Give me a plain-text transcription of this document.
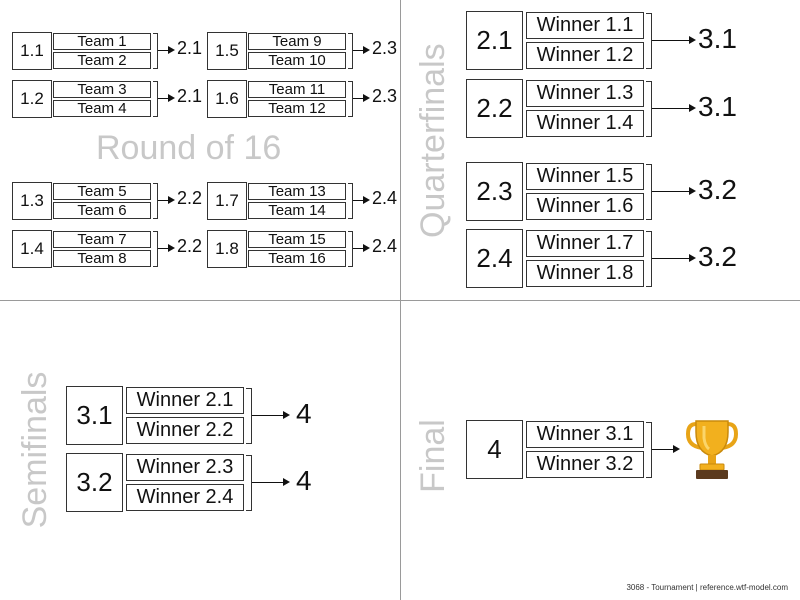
1.1	Team 1
Team 2
2.1
1.2	Team 3
Team 4
2.1
1.3	Team 5
Team 6
2.2
1.4	Team 7
Team 8
2.2
1.5	Team 9
Team 10
2.3
1.6	Team 11
Team 12
2.3
1.7	Team 13
Team 14
2.4
1.8	Team 15
Team 16
2.4
Round of 16	Quarterfinals
2.1	Winner 1.1
Winner 1.2
3.1
2.2	Winner 1.3
Winner 1.4
3.1
2.3	Winner 1.5
Winner 1.6
3.2
2.4	Winner 1.7
Winner 1.8
3.2
Semifinals 3.1	Winner 2.1
Winner 2.2
4
3.2	Winner 2.3
Winner 2.4
4	Final	4	Winner 3.1
Winner 3.2
3068 - Tournament | reference.wtf-model.com
